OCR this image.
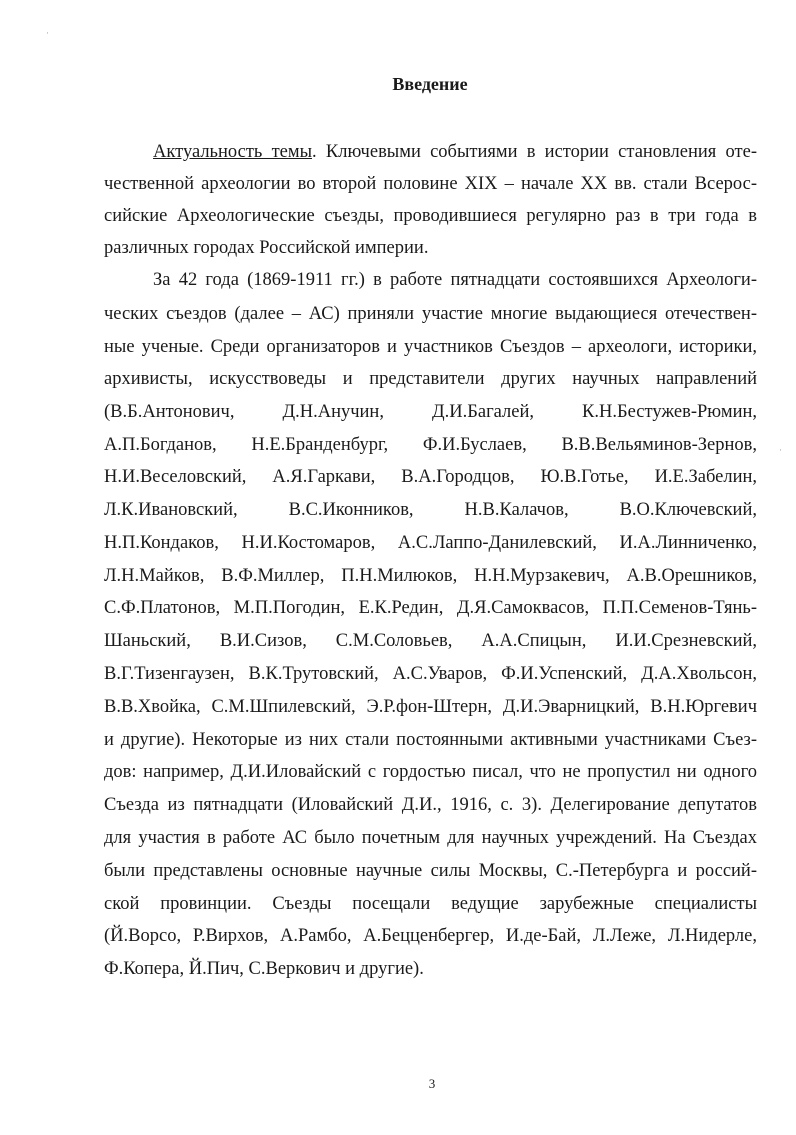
Введение
Актуальность темы. Ключевыми событиями в истории становления оте-
чественной археологии во второй половине XIX – начале XX вв. стали Всерос-
сийские Археологические съезды, проводившиеся регулярно раз в три года в
различных городах Российской империи.
За 42 года (1869-1911 гг.) в работе пятнадцати состоявшихся Археологи-
ческих съездов (далее – АС) приняли участие многие выдающиеся отечествен-
ные ученые. Среди организаторов и участников Съездов – археологи, историки,
архивисты, искусствоведы и представители других научных направлений
(В.Б.Антонович, Д.Н.Анучин, Д.И.Багалей, К.Н.Бестужев-Рюмин,
А.П.Богданов, Н.Е.Бранденбург, Ф.И.Буслаев, В.В.Вельяминов-Зернов,
Н.И.Веселовский, А.Я.Гаркави, В.А.Городцов, Ю.В.Готье, И.Е.Забелин,
Л.К.Ивановский, В.С.Иконников, Н.В.Калачов, В.О.Ключевский,
Н.П.Кондаков, Н.И.Костомаров, А.С.Лаппо-Данилевский, И.А.Линниченко,
Л.Н.Майков, В.Ф.Миллер, П.Н.Милюков, Н.Н.Мурзакевич, А.В.Орешников,
С.Ф.Платонов, М.П.Погодин, Е.К.Редин, Д.Я.Самоквасов, П.П.Семенов-Тянь-
Шаньский, В.И.Сизов, С.М.Соловьев, А.А.Спицын, И.И.Срезневский,
В.Г.Тизенгаузен, В.К.Трутовский, А.С.Уваров, Ф.И.Успенский, Д.А.Хвольсон,
В.В.Хвойка, С.М.Шпилевский, Э.Р.фон-Штерн, Д.И.Эварницкий, В.Н.Юргевич
и другие). Некоторые из них стали постоянными активными участниками Съез-
дов: например, Д.И.Иловайский с гордостью писал, что не пропустил ни одного
Съезда из пятнадцати (Иловайский Д.И., 1916, с. 3). Делегирование депутатов
для участия в работе АС было почетным для научных учреждений. На Съездах
были представлены основные научные силы Москвы, С.-Петербурга и россий-
ской провинции. Съезды посещали ведущие зарубежные специалисты
(Й.Ворсо, Р.Вирхов, А.Рамбо, А.Бецценбергер, И.де-Бай, Л.Леже, Л.Нидерле,
Ф.Копера, Й.Пич, С.Веркович и другие).
3
·
·
